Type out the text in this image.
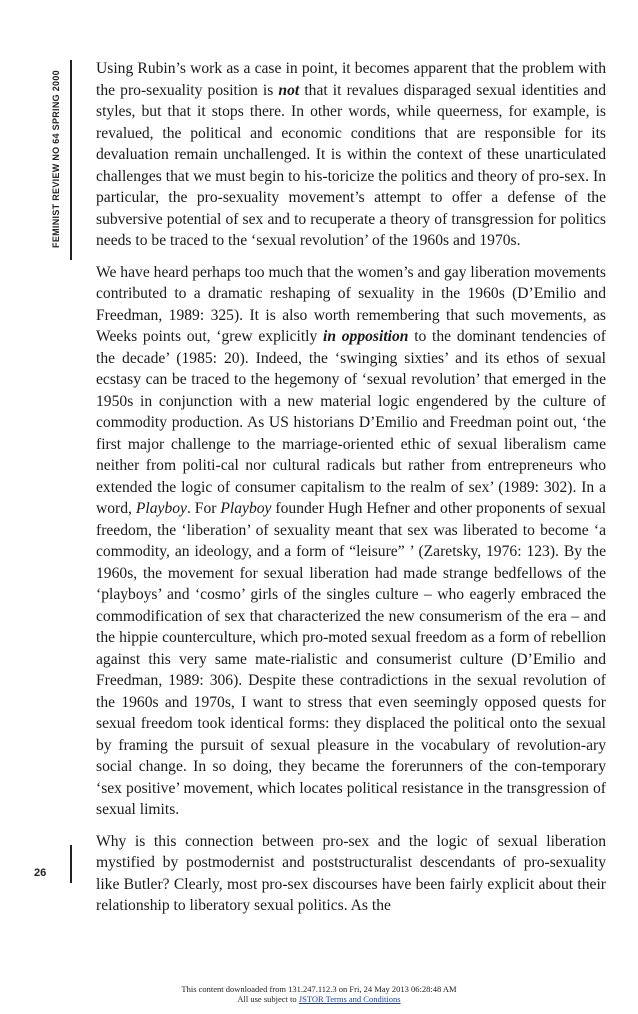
FEMINIST REVIEW NO 64 SPRING 2000
26

Using Rubin’s work as a case in point, it becomes apparent that the problem with the pro-sexuality position is not that it revalues disparaged sexual identities and styles, but that it stops there. In other words, while queerness, for example, is revalued, the political and economic conditions that are responsible for its devaluation remain unchallenged. It is within the context of these unarticulated challenges that we must begin to his-toricize the politics and theory of pro-sex. In particular, the pro-sexuality movement’s attempt to offer a defense of the subversive potential of sex and to recuperate a theory of transgression for politics needs to be traced to the ‘sexual revolution’ of the 1960s and 1970s.

We have heard perhaps too much that the women’s and gay liberation movements contributed to a dramatic reshaping of sexuality in the 1960s (D’Emilio and Freedman, 1989: 325). It is also worth remembering that such movements, as Weeks points out, ‘grew explicitly in opposition to the dominant tendencies of the decade’ (1985: 20). Indeed, the ‘swinging sixties’ and its ethos of sexual ecstasy can be traced to the hegemony of ‘sexual revolution’ that emerged in the 1950s in conjunction with a new material logic engendered by the culture of commodity production. As US historians D’Emilio and Freedman point out, ‘the first major challenge to the marriage-oriented ethic of sexual liberalism came neither from politi-cal nor cultural radicals but rather from entrepreneurs who extended the logic of consumer capitalism to the realm of sex’ (1989: 302). In a word, Playboy. For Playboy founder Hugh Hefner and other proponents of sexual freedom, the ‘liberation’ of sexuality meant that sex was liberated to become ‘a commodity, an ideology, and a form of “leisure” ’ (Zaretsky, 1976: 123). By the 1960s, the movement for sexual liberation had made strange bedfellows of the ‘playboys’ and ‘cosmo’ girls of the singles culture – who eagerly embraced the commodification of sex that characterized the new consumerism of the era – and the hippie counterculture, which pro-moted sexual freedom as a form of rebellion against this very same mate-rialistic and consumerist culture (D’Emilio and Freedman, 1989: 306). Despite these contradictions in the sexual revolution of the 1960s and 1970s, I want to stress that even seemingly opposed quests for sexual freedom took identical forms: they displaced the political onto the sexual by framing the pursuit of sexual pleasure in the vocabulary of revolution-ary social change. In so doing, they became the forerunners of the con-temporary ‘sex positive’ movement, which locates political resistance in the transgression of sexual limits.

Why is this connection between pro-sex and the logic of sexual liberation mystified by postmodernist and poststructuralist descendants of pro-sexuality like Butler? Clearly, most pro-sex discourses have been fairly explicit about their relationship to liberatory sexual politics. As the

This content downloaded from 131.247.112.3 on Fri, 24 May 2013 06:28:48 AM
All use subject to JSTOR Terms and Conditions
